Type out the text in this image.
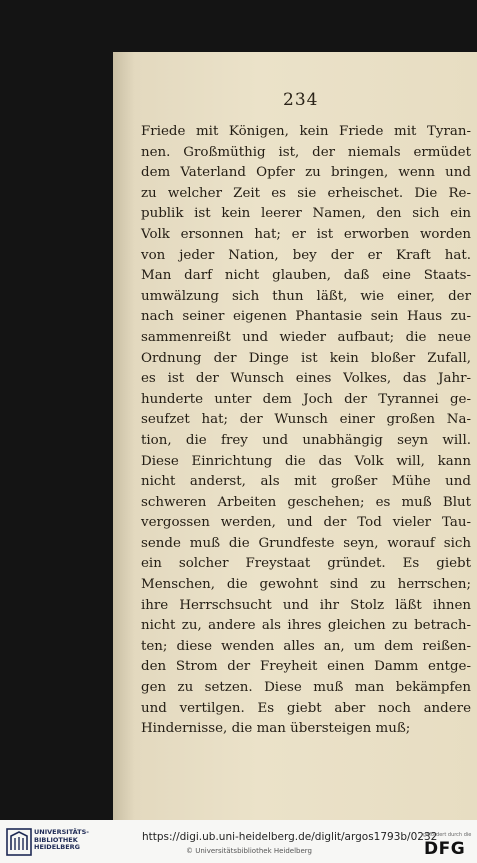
234
Friede mit Königen, kein Friede mit Tyran-
nen. Großmüthig ist, der niemals ermüdet
dem Vaterland Opfer zu bringen, wenn und
zu welcher Zeit es sie erheischet. Die Re-
publik ist kein leerer Namen, den sich ein
Volk ersonnen hat; er ist erworben worden
von jeder Nation, bey der er Kraft hat.
Man darf nicht glauben, daß eine Staats-
umwälzung sich thun läßt, wie einer, der
nach seiner eigenen Phantasie sein Haus zu-
sammenreißt und wieder aufbaut; die neue
Ordnung der Dinge ist kein bloßer Zufall,
es ist der Wunsch eines Volkes, das Jahr-
hunderte unter dem Joch der Tyrannei ge-
seufzet hat; der Wunsch einer großen Na-
tion, die frey und unabhängig seyn will.
Diese Einrichtung die das Volk will, kann
nicht anderst, als mit großer Mühe und
schweren Arbeiten geschehen; es muß Blut
vergossen werden, und der Tod vieler Tau-
sende muß die Grundfeste seyn, worauf sich
ein solcher Freystaat gründet. Es giebt
Menschen, die gewohnt sind zu herrschen;
ihre Herrschsucht und ihr Stolz läßt ihnen
nicht zu, andere als ihres gleichen zu betrach-
ten; diese wenden alles an, um dem reißen-
den Strom der Freyheit einen Damm entge-
gen zu setzen. Diese muß man bekämpfen
und vertilgen. Es giebt aber noch andere
Hindernisse, die man übersteigen muß;
UNIVERSITÄTS-
BIBLIOTHEK
HEIDELBERG
https://digi.ub.uni-heidelberg.de/diglit/argos1793b/0232
© Universitätsbibliothek Heidelberg
gefördert durch die
DFG
